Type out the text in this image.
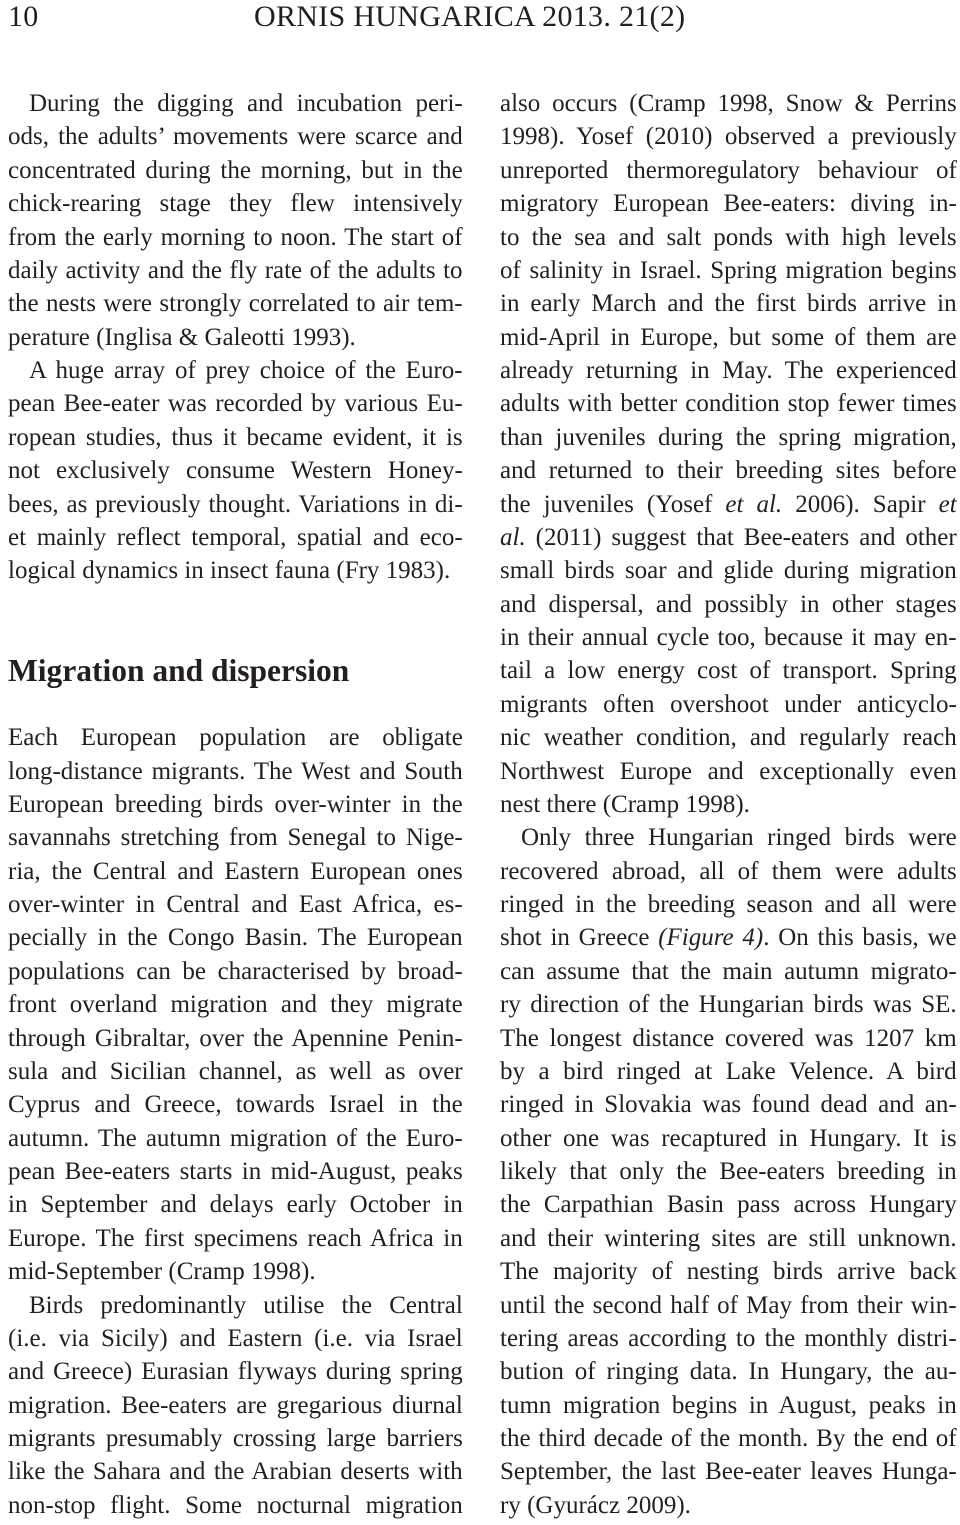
10	ORNIS HUNGARICA 2013. 21(2)
During the digging and incubation peri-
ods, the adults’ movements were scarce and
concentrated during the morning, but in the
chick-rearing stage they flew intensively
from the early morning to noon. The start of
daily activity and the fly rate of the adults to
the nests were strongly correlated to air tem-
perature (Inglisa & Galeotti 1993).
A huge array of prey choice of the Euro-
pean Bee-eater was recorded by various Eu-
ropean studies, thus it became evident, it is
not exclusively consume Western Honey-
bees, as previously thought. Variations in di-
et mainly reflect temporal, spatial and eco-
logical dynamics in insect fauna (Fry 1983).
Migration and dispersion
Each European population are obligate
long-distance migrants. The West and South
European breeding birds over-winter in the
savannahs stretching from Senegal to Nige-
ria, the Central and Eastern European ones
over-winter in Central and East Africa, es-
pecially in the Congo Basin. The European
populations can be characterised by broad-
front overland migration and they migrate
through Gibraltar, over the Apennine Penin-
sula and Sicilian channel, as well as over
Cyprus and Greece, towards Israel in the
autumn. The autumn migration of the Euro-
pean Bee-eaters starts in mid-August, peaks
in September and delays early October in
Europe. The first specimens reach Africa in
mid-September (Cramp 1998).
Birds predominantly utilise the Central
(i.e. via Sicily) and Eastern (i.e. via Israel
and Greece) Eurasian flyways during spring
migration. Bee-eaters are gregarious diurnal
migrants presumably crossing large barriers
like the Sahara and the Arabian deserts with
non-stop flight. Some nocturnal migration
also occurs (Cramp 1998, Snow & Perrins
1998). Yosef (2010) observed a previously
unreported thermoregulatory behaviour of
migratory European Bee-eaters: diving in-
to the sea and salt ponds with high levels
of salinity in Israel. Spring migration begins
in early March and the first birds arrive in
mid-April in Europe, but some of them are
already returning in May. The experienced
adults with better condition stop fewer times
than juveniles during the spring migration,
and returned to their breeding sites before
the juveniles (Yosef et al. 2006). Sapir et
al. (2011) suggest that Bee-eaters and other
small birds soar and glide during migration
and dispersal, and possibly in other stages
in their annual cycle too, because it may en-
tail a low energy cost of transport. Spring
migrants often overshoot under anticyclo-
nic weather condition, and regularly reach
Northwest Europe and exceptionally even
nest there (Cramp 1998).
Only three Hungarian ringed birds were
recovered abroad, all of them were adults
ringed in the breeding season and all were
shot in Greece (Figure 4). On this basis, we
can assume that the main autumn migrato-
ry direction of the Hungarian birds was SE.
The longest distance covered was 1207 km
by a bird ringed at Lake Velence. A bird
ringed in Slovakia was found dead and an-
other one was recaptured in Hungary. It is
likely that only the Bee-eaters breeding in
the Carpathian Basin pass across Hungary
and their wintering sites are still unknown.
The majority of nesting birds arrive back
until the second half of May from their win-
tering areas according to the monthly distri-
bution of ringing data. In Hungary, the au-
tumn migration begins in August, peaks in
the third decade of the month. By the end of
September, the last Bee-eater leaves Hunga-
ry (Gyurácz 2009).
